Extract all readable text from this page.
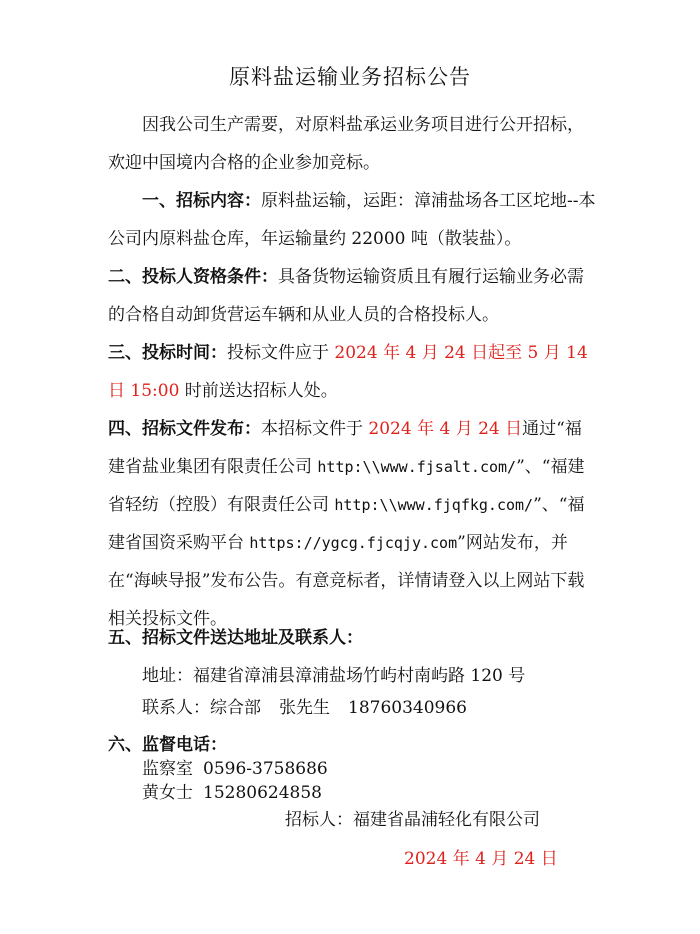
原料盐运输业务招标公告
因我公司生产需要，对原料盐承运业务项目进行公开招标，欢迎中国境内合格的企业参加竞标。
一、招标内容：原料盐运输，运距：漳浦盐场各工区坨地--本公司内原料盐仓库，年运输量约 22000 吨（散装盐）。
二、投标人资格条件：具备货物运输资质且有履行运输业务必需的合格自动卸货营运车辆和从业人员的合格投标人。
三、投标时间：投标文件应于 2024 年 4 月 24 日起至 5 月 14 日 15:00 时前送达招标人处。
四、招标文件发布：本招标文件于 2024 年 4 月 24 日通过“福建省盐业集团有限责任公司 http:\\www.fjsalt.com/”、“福建省轻纺（控股）有限责任公司 http:\\www.fjqfkg.com/”、“福建省国资采购平台 https://ygcg.fjcqjy.com”网站发布，并在“海峡导报”发布公告。有意竞标者，详情请登入以上网站下载相关投标文件。
五、招标文件送达地址及联系人：
地址：福建省漳浦县漳浦盐场竹屿村南屿路 120 号
联系人：综合部 张先生 18760340966
六、监督电话：
监察室 0596-3758686
黄女士 15280624858
招标人：福建省晶浦轻化有限公司
2024 年 4 月 24 日
